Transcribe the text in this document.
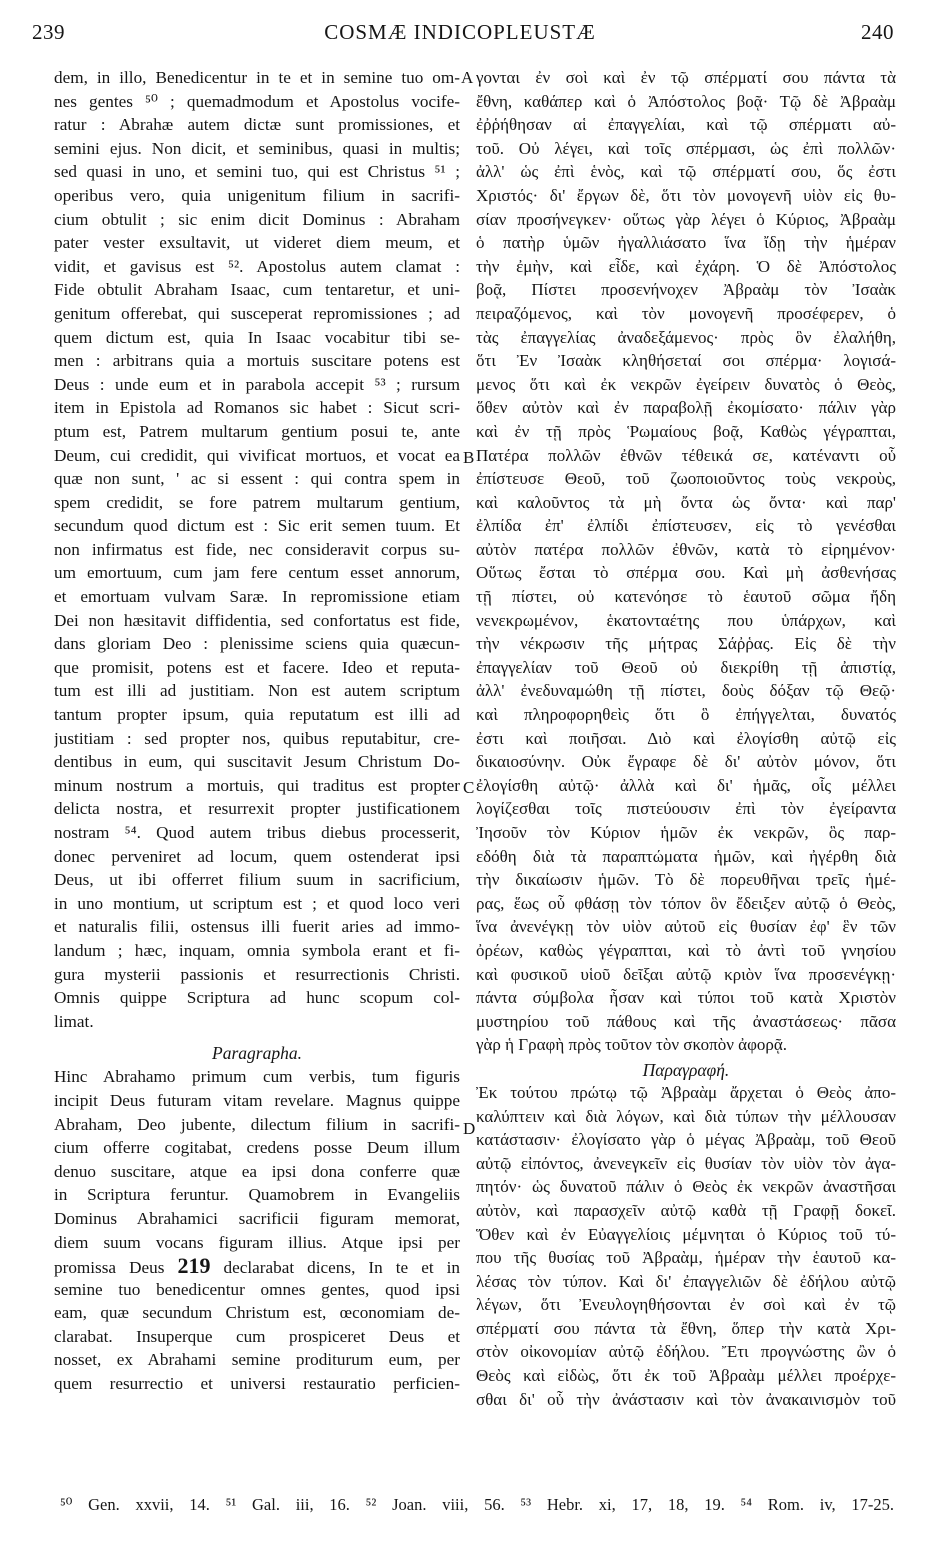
239	COSMÆ INDICOPLEUSTÆ	240
A
B
C
D
dem, in illo, Benedicentur in te et in semine tuo om-
nes gentes ⁵⁰ ; quemadmodum et Apostolus vocife-
ratur : Abrahæ autem dictæ sunt promissiones, et
semini ejus. Non dicit, et seminibus, quasi in multis;
sed quasi in uno, et semini tuo, qui est Christus ⁵¹ ;
operibus vero, quia unigenitum filium in sacrifi-
cium obtulit ; sic enim dicit Dominus : Abraham
pater vester exsultavit, ut videret diem meum, et
vidit, et gavisus est ⁵². Apostolus autem clamat :
Fide obtulit Abraham Isaac, cum tentaretur, et uni-
genitum offerebat, qui susceperat repromissiones ; ad
quem dictum est, quia In Isaac vocabitur tibi se-
men : arbitrans quia a mortuis suscitare potens est
Deus : unde eum et in parabola accepit ⁵³ ; rursum
item in Epistola ad Romanos sic habet : Sicut scri-
ptum est, Patrem multarum gentium posui te, ante
Deum, cui credidit, qui vivificat mortuos, et vocat ea
quæ non sunt, ' ac si essent : qui contra spem in
spem credidit, se fore patrem multarum gentium,
secundum quod dictum est : Sic erit semen tuum. Et
non infirmatus est fide, nec consideravit corpus su-
um emortuum, cum jam fere centum esset annorum,
et emortuam vulvam Saræ. In repromissione etiam
Dei non hæsitavit diffidentia, sed confortatus est fide,
dans gloriam Deo : plenissime sciens quia quæcun-
que promisit, potens est et facere. Ideo et reputa-
tum est illi ad justitiam. Non est autem scriptum
tantum propter ipsum, quia reputatum est illi ad
justitiam : sed propter nos, quibus reputabitur, cre-
dentibus in eum, qui suscitavit Jesum Christum Do-
minum nostrum a mortuis, qui traditus est propter
delicta nostra, et resurrexit propter justificationem
nostram ⁵⁴. Quod autem tribus diebus processerit,
donec perveniret ad locum, quem ostenderat ipsi
Deus, ut ibi offerret filium suum in sacrificium,
in uno montium, ut scriptum est ; et quod loco veri
et naturalis filii, ostensus illi fuerit aries ad immo-
landum ; hæc, inquam, omnia symbola erant et fi-
gura mysterii passionis et resurrectionis Christi.
Omnis quippe Scriptura ad hunc scopum col-
limat.
Paragrapha.
Hinc Abrahamo primum cum verbis, tum figuris
incipit Deus futuram vitam revelare. Magnus quippe
Abraham, Deo jubente, dilectum filium in sacrifi-
cium offerre cogitabat, credens posse Deum illum
denuo suscitare, atque ea ipsi dona conferre quæ
in Scriptura feruntur. Quamobrem in Evangeliis
Dominus Abrahamici sacrificii figuram memorat,
diem suum vocans figuram illius. Atque ipsi per
promissa Deus 219 declarabat dicens, In te et in
semine tuo benedicentur omnes gentes, quod ipsi
eam, quæ secundum Christum est, œconomiam de-
clarabat. Insuperque cum prospiceret Deus et
nosset, ex Abrahami semine proditurum eum, per
quem resurrectio et universi restauratio perficien-
γονται ἐν σοὶ καὶ ἐν τῷ σπέρματί σου πάντα τὰ
ἔθνη, καθάπερ καὶ ὁ Ἀπόστολος βοᾷ· Τῷ δὲ Ἀβραὰμ
ἐῤῥήθησαν αἱ ἐπαγγελίαι, καὶ τῷ σπέρματι αὐ-
τοῦ. Οὐ λέγει, καὶ τοῖς σπέρμασι, ὡς ἐπὶ πολλῶν·
ἀλλ' ὡς ἐπὶ ἑνὸς, καὶ τῷ σπέρματί σου, ὅς ἐστι
Χριστός· δι' ἔργων δὲ, ὅτι τὸν μονογενῆ υἱὸν εἰς θυ-
σίαν προσήνεγκεν· οὕτως γὰρ λέγει ὁ Κύριος, Ἀβραὰμ
ὁ πατὴρ ὑμῶν ἠγαλλιάσατο ἵνα ἴδῃ τὴν ἡμέραν
τὴν ἐμὴν, καὶ εἶδε, καὶ ἐχάρη. Ὁ δὲ Ἀπόστολος
βοᾷ, Πίστει προσενήνοχεν Ἀβραὰμ τὸν Ἰσαὰκ
πειραζόμενος, καὶ τὸν μονογενῆ προσέφερεν, ὁ
τὰς ἐπαγγελίας ἀναδεξάμενος· πρὸς ὃν ἐλαλήθη,
ὅτι Ἐν Ἰσαὰκ κληθήσεταί σοι σπέρμα· λογισά-
μενος ὅτι καὶ ἐκ νεκρῶν ἐγείρειν δυνατὸς ὁ Θεὸς,
ὅθεν αὐτὸν καὶ ἐν παραβολῇ ἐκομίσατο· πάλιν γὰρ
καὶ ἐν τῇ πρὸς Ῥωμαίους βοᾷ, Καθὼς γέγραπται,
Πατέρα πολλῶν ἐθνῶν τέθεικά σε, κατέναντι οὗ
ἐπίστευσε Θεοῦ, τοῦ ζωοποιοῦντος τοὺς νεκροὺς,
καὶ καλοῦντος τὰ μὴ ὄντα ὡς ὄντα· καὶ παρ'
ἐλπίδα ἐπ' ἐλπίδι ἐπίστευσεν, εἰς τὸ γενέσθαι
αὐτὸν πατέρα πολλῶν ἐθνῶν, κατὰ τὸ εἰρημένον·
Οὕτως ἔσται τὸ σπέρμα σου. Καὶ μὴ ἀσθενήσας
τῇ πίστει, οὐ κατενόησε τὸ ἑαυτοῦ σῶμα ἤδη
νενεκρωμένον, ἑκατονταέτης που ὑπάρχων, καὶ
τὴν νέκρωσιν τῆς μήτρας Σάῤῥας. Εἰς δὲ τὴν
ἐπαγγελίαν τοῦ Θεοῦ οὐ διεκρίθη τῇ ἀπιστίᾳ,
ἀλλ' ἐνεδυναμώθη τῇ πίστει, δοὺς δόξαν τῷ Θεῷ·
καὶ πληροφορηθεὶς ὅτι ὃ ἐπήγγελται, δυνατός
ἐστι καὶ ποιῆσαι. Διὸ καὶ ἐλογίσθη αὐτῷ εἰς
δικαιοσύνην. Οὐκ ἔγραφε δὲ δι' αὐτὸν μόνον, ὅτι
ἐλογίσθη αὐτῷ· ἀλλὰ καὶ δι' ἡμᾶς, οἷς μέλλει
λογίζεσθαι τοῖς πιστεύουσιν ἐπὶ τὸν ἐγείραντα
Ἰησοῦν τὸν Κύριον ἡμῶν ἐκ νεκρῶν, ὃς παρ-
εδόθη διὰ τὰ παραπτώματα ἡμῶν, καὶ ἠγέρθη διὰ
τὴν δικαίωσιν ἡμῶν. Τὸ δὲ πορευθῆναι τρεῖς ἡμέ-
ρας, ἕως οὗ φθάσῃ τὸν τόπον ὃν ἔδειξεν αὐτῷ ὁ Θεὸς,
ἵνα ἀνενέγκῃ τὸν υἱὸν αὐτοῦ εἰς θυσίαν ἐφ' ἓν τῶν
ὀρέων, καθὼς γέγραπται, καὶ τὸ ἀντὶ τοῦ γνησίου
καὶ φυσικοῦ υἱοῦ δεῖξαι αὐτῷ κριὸν ἵνα προσενέγκῃ·
πάντα σύμβολα ἦσαν καὶ τύποι τοῦ κατὰ Χριστὸν
μυστηρίου τοῦ πάθους καὶ τῆς ἀναστάσεως· πᾶσα
γὰρ ἡ Γραφὴ πρὸς τοῦτον τὸν σκοπὸν ἀφορᾷ.
Παραγραφή.
Ἐκ τούτου πρώτῳ τῷ Ἀβραὰμ ἄρχεται ὁ Θεὸς ἀπο-
καλύπτειν καὶ διὰ λόγων, καὶ διὰ τύπων τὴν μέλλουσαν
κατάστασιν· ἐλογίσατο γὰρ ὁ μέγας Ἀβραὰμ, τοῦ Θεοῦ
αὐτῷ εἰπόντος, ἀνενεγκεῖν εἰς θυσίαν τὸν υἱὸν τὸν ἀγα-
πητόν· ὡς δυνατοῦ πάλιν ὁ Θεὸς ἐκ νεκρῶν ἀναστῆσαι
αὐτὸν, καὶ παρασχεῖν αὐτῷ καθὰ τῇ Γραφῇ δοκεῖ.
Ὅθεν καὶ ἐν Εὐαγγελίοις μέμνηται ὁ Κύριος τοῦ τύ-
που τῆς θυσίας τοῦ Ἀβραὰμ, ἡμέραν τὴν ἑαυτοῦ κα-
λέσας τὸν τύπον. Καὶ δι' ἐπαγγελιῶν δὲ ἐδήλου αὐτῷ
λέγων, ὅτι Ἐνευλογηθήσονται ἐν σοὶ καὶ ἐν τῷ
σπέρματί σου πάντα τὰ ἔθνη, ὅπερ τὴν κατὰ Χρι-
στὸν οἰκονομίαν αὐτῷ ἐδήλου. Ἔτι προγνώστης ὢν ὁ
Θεὸς καὶ εἰδὼς, ὅτι ἐκ τοῦ Ἀβραὰμ μέλλει προέρχε-
σθαι δι' οὗ τὴν ἀνάστασιν καὶ τὸν ἀνακαινισμὸν τοῦ
⁵⁰ Gen. xxvii, 14. ⁵¹ Gal. iii, 16. ⁵² Joan. viii, 56. ⁵³ Hebr. xi, 17, 18, 19. ⁵⁴ Rom. iv, 17-25.
